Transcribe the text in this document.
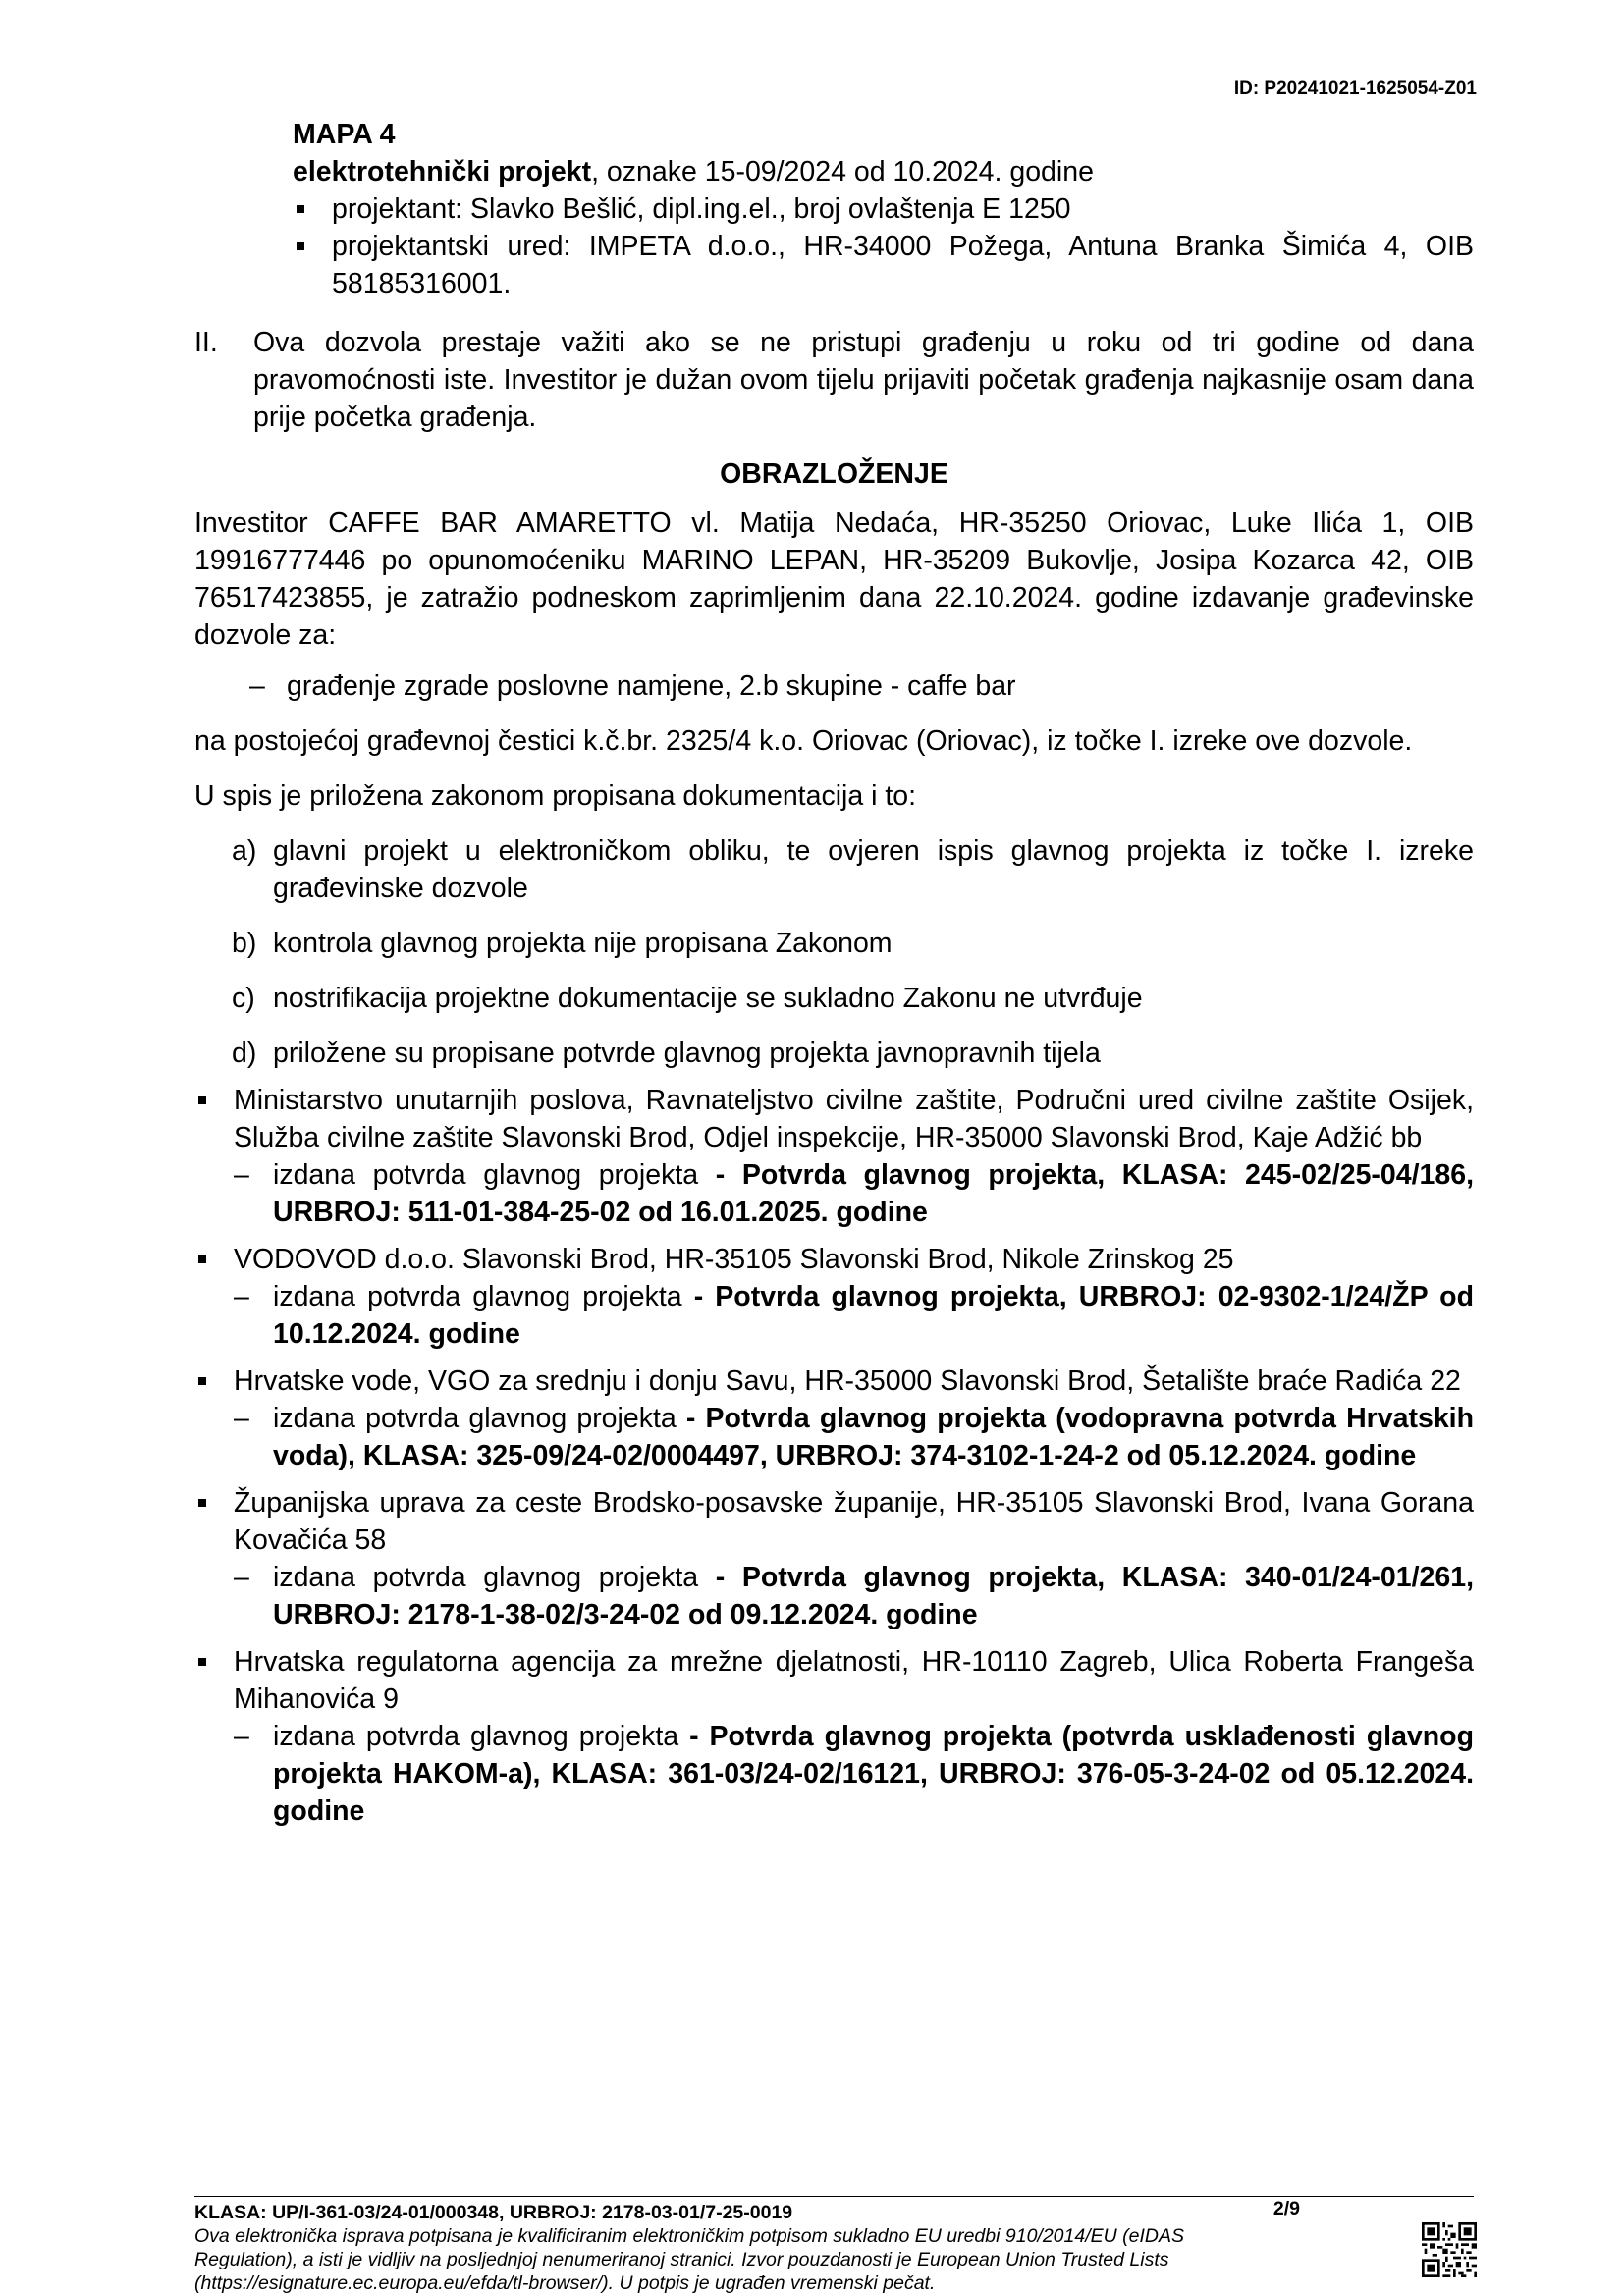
ID: P20241021-1625054-Z01
MAPA 4
elektrotehnički projekt, oznake 15-09/2024 od 10.2024. godine
projektant: Slavko Bešlić, dipl.ing.el., broj ovlaštenja E 1250
projektantski ured: IMPETA d.o.o., HR-34000 Požega, Antuna Branka Šimića 4, OIB 58185316001.
II. Ova dozvola prestaje važiti ako se ne pristupi građenju u roku od tri godine od dana pravomoćnosti iste. Investitor je dužan ovom tijelu prijaviti početak građenja najkasnije osam dana prije početka građenja.
OBRAZLOŽENJE
Investitor CAFFE BAR AMARETTO vl. Matija Nedaća, HR-35250 Oriovac, Luke Ilića 1, OIB 19916777446 po opunomoćeniku MARINO LEPAN, HR-35209 Bukovlje, Josipa Kozarca 42, OIB 76517423855, je zatražio podneskom zaprimljenim dana 22.10.2024. godine izdavanje građevinske dozvole za:
– građenje zgrade poslovne namjene, 2.b skupine - caffe bar
na postojećoj građevnoj čestici k.č.br. 2325/4 k.o. Oriovac (Oriovac), iz točke I. izreke ove dozvole.
U spis je priložena zakonom propisana dokumentacija i to:
a) glavni projekt u elektroničkom obliku, te ovjeren ispis glavnog projekta iz točke I. izreke građevinske dozvole
b) kontrola glavnog projekta nije propisana Zakonom
c) nostrifikacija projektne dokumentacije se sukladno Zakonu ne utvrđuje
d) priložene su propisane potvrde glavnog projekta javnopravnih tijela
Ministarstvo unutarnjih poslova, Ravnateljstvo civilne zaštite, Područni ured civilne zaštite Osijek, Služba civilne zaštite Slavonski Brod, Odjel inspekcije, HR-35000 Slavonski Brod, Kaje Adžić bb
– izdana potvrda glavnog projekta - Potvrda glavnog projekta, KLASA: 245-02/25-04/186, URBROJ: 511-01-384-25-02 od 16.01.2025. godine
VODOVOD d.o.o. Slavonski Brod, HR-35105 Slavonski Brod, Nikole Zrinskog 25
– izdana potvrda glavnog projekta - Potvrda glavnog projekta, URBROJ: 02-9302-1/24/ŽP od 10.12.2024. godine
Hrvatske vode, VGO za srednju i donju Savu, HR-35000 Slavonski Brod, Šetalište braće Radića 22
– izdana potvrda glavnog projekta - Potvrda glavnog projekta (vodopravna potvrda Hrvatskih voda), KLASA: 325-09/24-02/0004497, URBROJ: 374-3102-1-24-2 od 05.12.2024. godine
Županijska uprava za ceste Brodsko-posavske županije, HR-35105 Slavonski Brod, Ivana Gorana Kovačića 58
– izdana potvrda glavnog projekta - Potvrda glavnog projekta, KLASA: 340-01/24-01/261, URBROJ: 2178-1-38-02/3-24-02 od 09.12.2024. godine
Hrvatska regulatorna agencija za mrežne djelatnosti, HR-10110 Zagreb, Ulica Roberta Frangeša Mihanovića 9
– izdana potvrda glavnog projekta - Potvrda glavnog projekta (potvrda usklađenosti glavnog projekta HAKOM-a), KLASA: 361-03/24-02/16121, URBROJ: 376-05-3-24-02 od 05.12.2024. godine
KLASA: UP/I-361-03/24-01/000348, URBROJ: 2178-03-01/7-25-0019	2/9
Ova elektronička isprava potpisana je kvalificiranim elektroničkim potpisom sukladno EU uredbi 910/2014/EU (eIDAS Regulation), a isti je vidljiv na posljednjoj nenumeriranoj stranici. Izvor pouzdanosti je European Union Trusted Lists (https://esignature.ec.europa.eu/efda/tl-browser/). U potpis je ugrađen vremenski pečat.
